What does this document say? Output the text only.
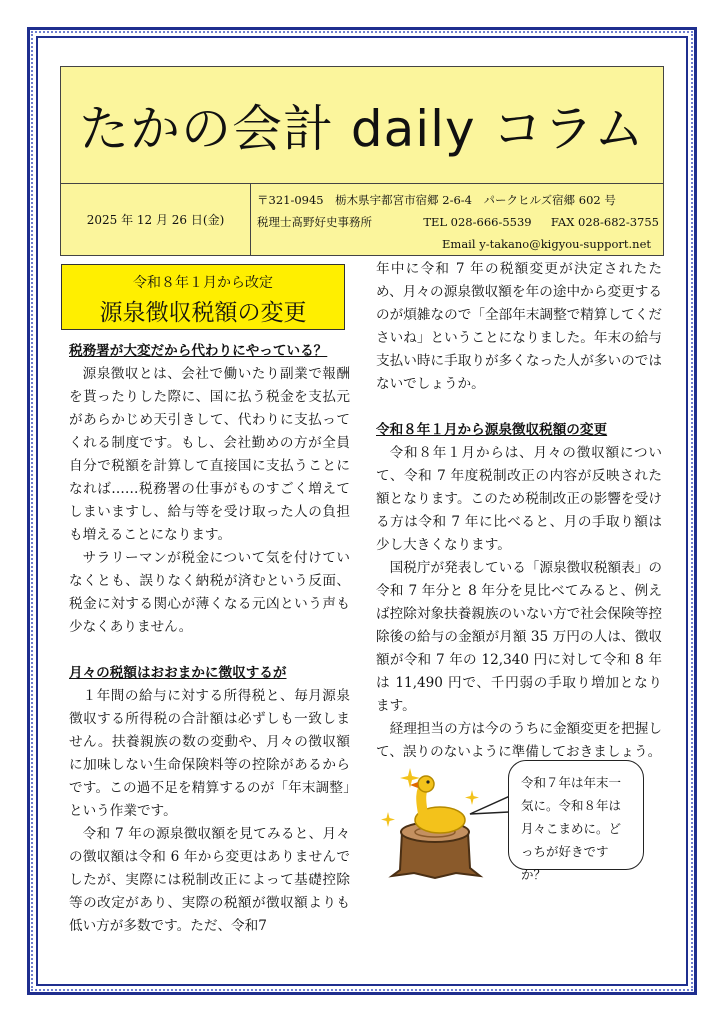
たかの会計 daily コラム
2025 年 12 月 26 日(金)
〒321-0945　栃木県宇都宮市宿郷 2-6-4　パークヒルズ宿郷 602 号
税理士髙野好史事務所	TEL 028-666-5539 FAX 028-682-3755
Email y-takano@kigyou-support.net
令和８年１月から改定
源泉徴収税額の変更
税務署が大変だから代わりにやっている？

源泉徴収とは、会社で働いたり副業で報酬を貰ったりした際に、国に払う税金を支払元があらかじめ天引きして、代わりに支払ってくれる制度です。もし、会社勤めの方が全員自分で税額を計算して直接国に支払うことになれば……税務署の仕事がものすごく増えてしまいますし、給与等を受け取った人の負担も増えることになります。

サラリーマンが税金について気を付けていなくとも、誤りなく納税が済むという反面、税金に対する関心が薄くなる元凶という声も少なくありません。

月々の税額はおおまかに徴収するが

１年間の給与に対する所得税と、毎月源泉徴収する所得税の合計額は必ずしも一致しません。扶養親族の数の変動や、月々の徴収額に加味しない生命保険料等の控除があるからです。この過不足を精算するのが「年末調整」という作業です。

令和 7 年の源泉徴収額を見てみると、月々の徴収額は令和 6 年から変更はありませんでしたが、実際には税制改正によって基礎控除等の改定があり、実際の税額が徴収額よりも低い方が多数です。ただ、令和7

年中に令和 7 年の税額変更が決定されたため、月々の源泉徴収額を年の途中から変更するのが煩雑なので「全部年末調整で精算してくださいね」ということになりました。年末の給与支払い時に手取りが多くなった人が多いのではないでしょうか。

令和８年１月から源泉徴収税額の変更

令和８年１月からは、月々の徴収額について、令和 7 年度税制改正の内容が反映された額となります。このため税制改正の影響を受ける方は令和 7 年に比べると、月の手取り額は少し大きくなります。

国税庁が発表している「源泉徴収税額表」の令和 7 年分と 8 年分を見比べてみると、例えば控除対象扶養親族のいない方で社会保険等控除後の給与の金額が月額 35 万円の人は、徴収額が令和 7 年の 12,340 円に対して令和 8 年は 11,490 円で、千円弱の手取り増加となります。

経理担当の方は今のうちに金額変更を把握して、誤りのないように準備しておきましょう。

令和７年は年末一気に。令和８年は月々こまめに。どっちが好きですか？
